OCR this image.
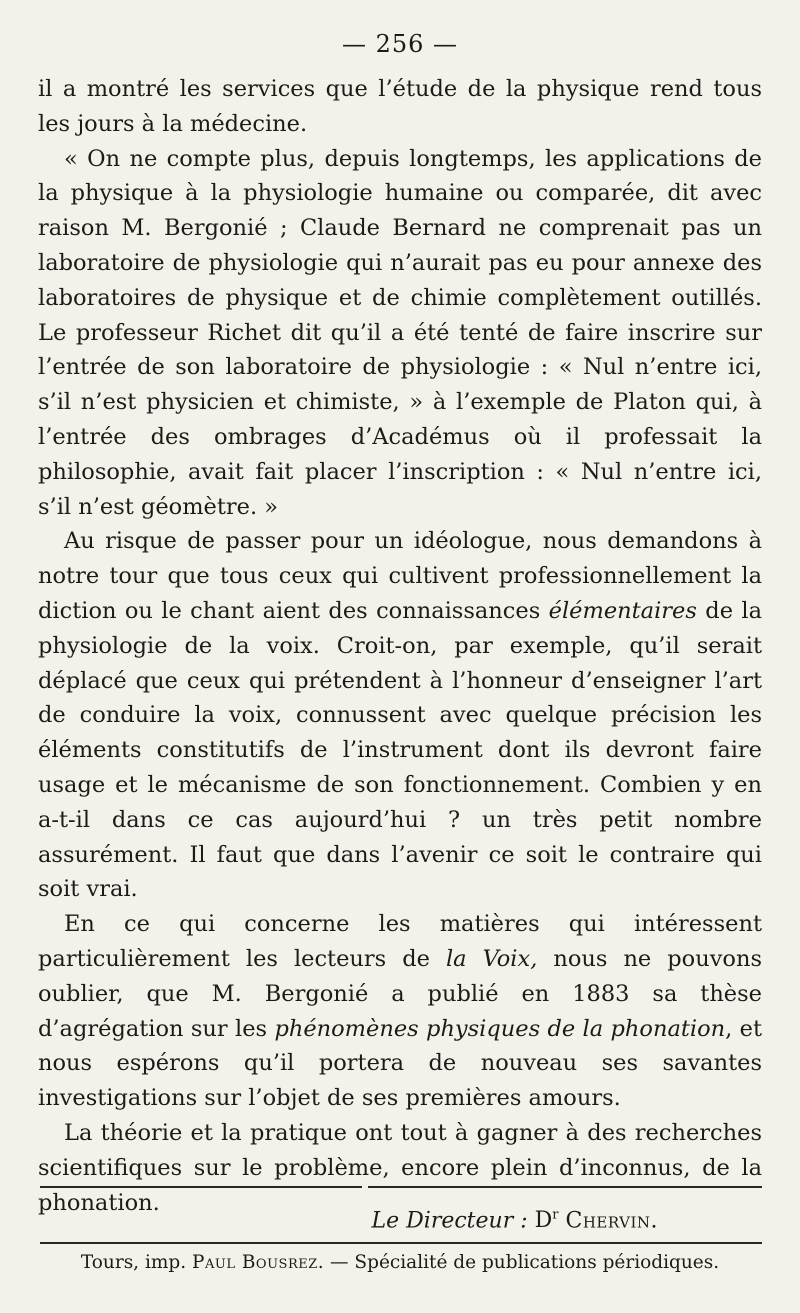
— 256 —

il a montré les services que l’étude de la physique rend tous les jours à la médecine.

« On ne compte plus, depuis longtemps, les applications de la physique à la physiologie humaine ou comparée, dit avec raison M. Bergonié ; Claude Bernard ne comprenait pas un laboratoire de physiologie qui n’aurait pas eu pour annexe des laboratoires de physique et de chimie complètement outillés. Le professeur Richet dit qu’il a été tenté de faire inscrire sur l’entrée de son laboratoire de physiologie : « Nul n’entre ici, s’il n’est physicien et chimiste, » à l’exemple de Platon qui, à l’entrée des ombrages d’Académus où il professait la philosophie, avait fait placer l’inscription : « Nul n’entre ici, s’il n’est géomètre. »

Au risque de passer pour un idéologue, nous demandons à notre tour que tous ceux qui cultivent professionnellement la diction ou le chant aient des connaissances élémentaires de la physiologie de la voix. Croit-on, par exemple, qu’il serait déplacé que ceux qui prétendent à l’honneur d’enseigner l’art de conduire la voix, connussent avec quelque précision les éléments constitutifs de l’instrument dont ils devront faire usage et le mécanisme de son fonctionnement. Combien y en a-t-il dans ce cas aujourd’hui ? un très petit nombre assurément. Il faut que dans l’avenir ce soit le contraire qui soit vrai.

En ce qui concerne les matières qui intéressent particulièrement les lecteurs de la Voix, nous ne pouvons oublier, que M. Bergonié a publié en 1883 sa thèse d’agrégation sur les phénomènes physiques de la phonation, et nous espérons qu’il portera de nouveau ses savantes investigations sur l’objet de ses premières amours.

La théorie et la pratique ont tout à gagner à des recherches scientifiques sur le problème, encore plein d’inconnus, de la phonation.

Le Directeur : $D^r$ Chervin.
Tours, imp. Paul Bousrez. — Spécialité de publications périodiques.
